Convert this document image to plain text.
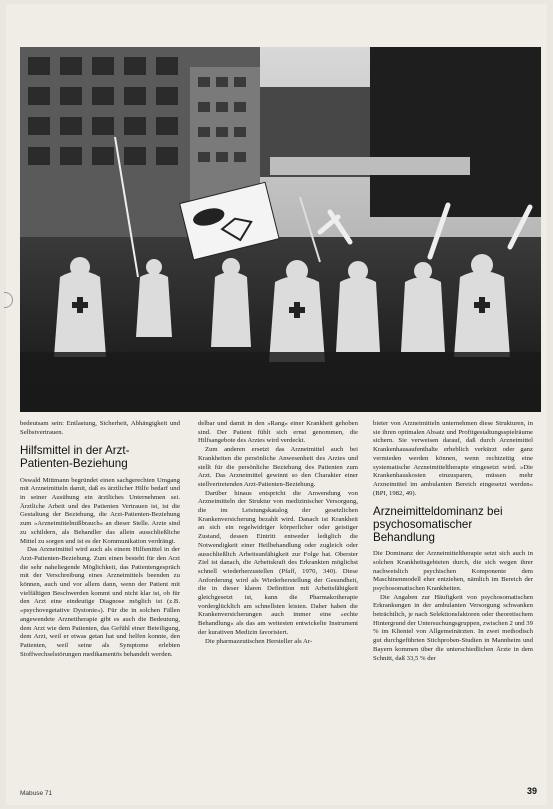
bedeutsam sein: Entlastung, Sicherheit, Abhängigkeit und Selbstvertrauen.

Hilfsmittel in der Arzt-Patienten-Beziehung

Oswald Mittmann begründet einen sachgerechten Umgang mit Arzneimitteln damit, daß es ärztlicher Hilfe bedarf und in seiner Ausübung ein ärztliches Unternehmen sei. Ärztliche Arbeit und des Patienten Vertrauen ist, ist die Gestaltung der Beziehung, die Arzt-Patienten-Beziehung zum »Arzneimittelmißbrauch« an dieser Stelle. Arzte sind zu schildern, als Behandler das allein ausschließliche Mittel zu sorgen und ist es der Kommunikation verdrängt.

Das Arzneimittel wird auch als einem Hilfsmittel in der Arzt-Patienten-Beziehung. Zum einen besteht für den Arzt die sehr naheliegende Möglichkeit, das Patientengespräch mit der Verschreibung eines Arzneimittels beenden zu können, auch und vor allem dann, wenn der Patient mit vielfältigen Beschwerden kommt und nicht klar ist, ob für den Arzt eine eindeutige Diagnose möglich ist (z.B. »psychovegetative Dystonie«). Für die in solchen Fällen angewendete Arzneitherapie gibt es auch die Bedeutung, dem Arzt wie dem Patienten, das Gefühl einer Beteiligung, dem Arzt, weil er etwas getan hat und helfen konnte, den Patienten, weil seine als Symptome erlebten Stoffwechselstörungen medikamentös behandelt werden.

delbar und damit in den »Rang« einer Krankheit gehoben sind. Der Patient fühlt sich ernst genommen, die Hilfsangebote des Arztes wird verdeckt.

Zum anderen ersetzt das Arzneimittel auch bei Krankheiten die persönliche Anwesenheit des Arztes und stellt für die persönliche Beziehung des Patienten zum Arzt. Das Arzneimittel gewinnt so den Charakter einer stellvertretenden Arzt-Patienten-Beziehung.

Darüber hinaus entspricht die Anwendung von Arzneimitteln der Struktur von medizinischer Versorgung, die im Leistungskatalog der gesetzlichen Krankenversicherung bezahlt wird. Danach ist Krankheit an sich ein regelwidriger körperlicher oder geistiger Zustand, dessen Eintritt entweder lediglich die Notwendigkeit einer Heilbehandlung oder zugleich oder ausschließlich Arbeitsunfähigkeit zur Folge hat. Oberster Ziel ist danach, die Arbeitskraft des Erkrankten möglichst schnell wiederherzustellen (Pfaff, 1970, 340). Diese Anforderung wird als Wiederherstellung der Gesundheit, die in dieser klaren Definition mit Arbeitsfähigkeit gleichgesetzt ist, kann die Pharmakotherapie vorderglücklich am schnellsten leisten. Daher haben die Krankenversicherungen auch immer eine »echte Behandlung« als das am weitesten entwickelte Instrument der kurativen Medizin favorisiert.

Die pharmazeutischen Hersteller als Ar-

bieter von Arzneimitteln unternehmen diese Strukturen, in sie ihren optimalen Absatz und Profitgestaltungsspielräume sichern. Sie verweisen darauf, daß durch Arzneimittel Krankenhausaufenthalte erheblich verkürzt oder ganz vermieden werden können, wenn rechtzeitig eine systematische Arzneimitteltherapie eingesetzt wird. »Die Krankenhauskosten einzusparen, müssen mehr Arzneimittel im ambulanten Bereich eingesetzt werden« (BPI, 1982, 49).

Arzneimitteldominanz bei psychosomatischer Behandlung

Die Dominanz der Arzneimitteltherapie setzt sich auch in solchen Krankheitsgebieten durch, die sich wegen ihrer nachweislich psychischen Komponente dem Maschinenmodell eher entziehen, nämlich im Bereich der psychosomatischen Krankheiten.

Die Angaben zur Häufigkeit von psychosomatischen Erkrankungen in der ambulanten Versorgung schwanken beträchtlich, je nach Selektionsfaktoren oder theoretischem Hintergrund der Untersuchungsgruppen, zwischen 2 und 39 % im Klientel von Allgemeinärzten. In zwei methodisch gut durchgeführten Stichproben-Studien in Mannheim und Bayern kommen über die unterschiedlichen Ärzte in dem Schnitt, daß 33,5 % der

Mabuse 71	39
